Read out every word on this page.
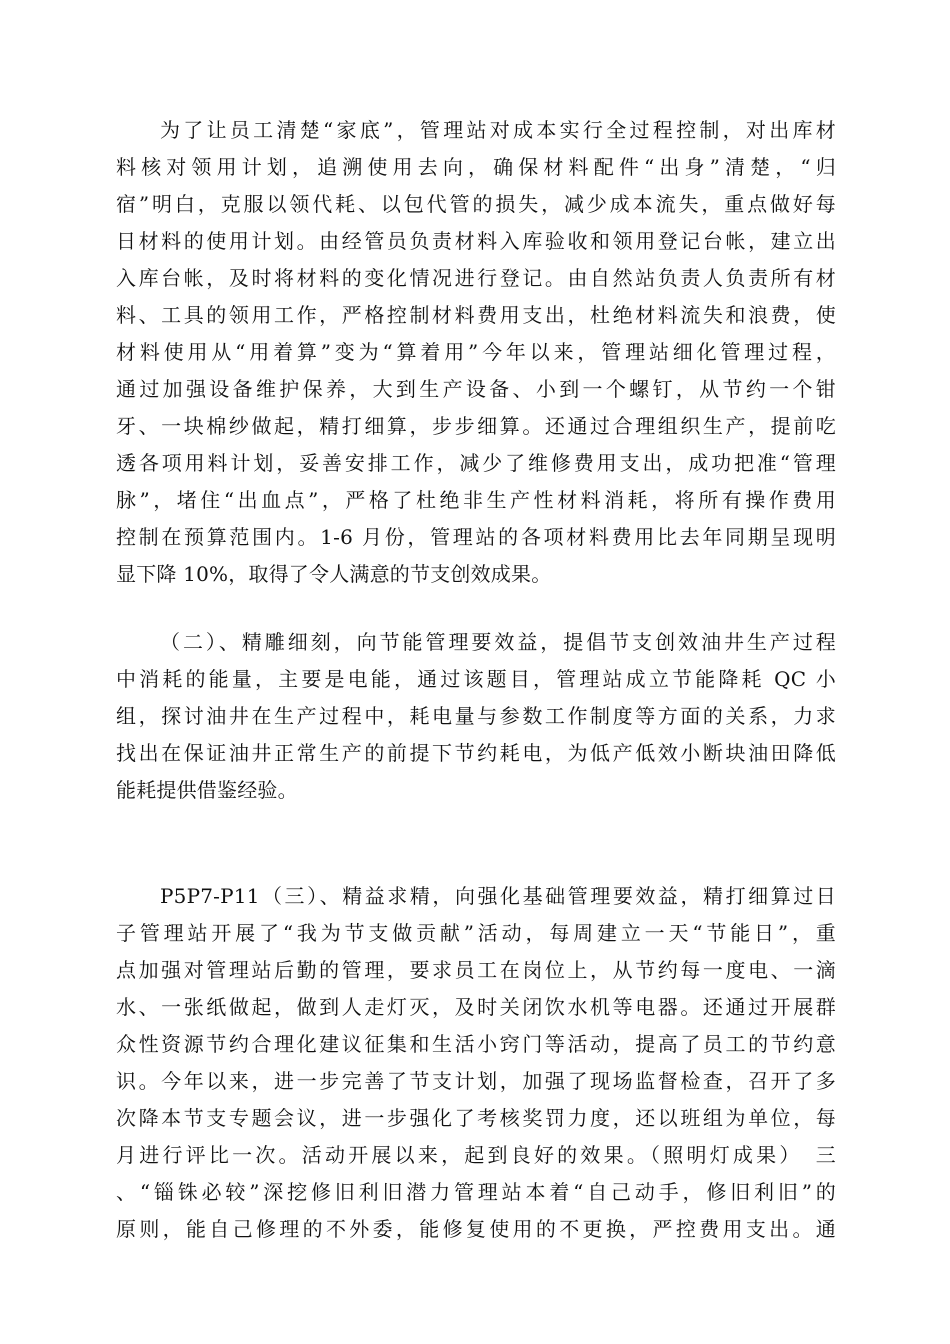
为了让员工清楚“家底”，管理站对成本实行全过程控制，对出库材
料核对领用计划，追溯使用去向，确保材料配件“出身”清楚，“归
宿”明白，克服以领代耗、以包代管的损失，减少成本流失，重点做好每
日材料的使用计划。由经管员负责材料入库验收和领用登记台帐，建立出
入库台帐，及时将材料的变化情况进行登记。由自然站负责人负责所有材
料、工具的领用工作，严格控制材料费用支出，杜绝材料流失和浪费，使
材料使用从“用着算”变为“算着用”今年以来，管理站细化管理过程，
通过加强设备维护保养，大到生产设备、小到一个螺钉，从节约一个钳
牙、一块棉纱做起，精打细算，步步细算。还通过合理组织生产，提前吃
透各项用料计划，妥善安排工作，减少了维修费用支出，成功把准“管理
脉”，堵住“出血点”，严格了杜绝非生产性材料消耗，将所有操作费用
控制在预算范围内。1-6 月份，管理站的各项材料费用比去年同期呈现明
显下降 10%，取得了令人满意的节支创效成果。
（二）、精雕细刻，向节能管理要效益，提倡节支创效油井生产过程
中消耗的能量，主要是电能，通过该题目，管理站成立节能降耗 QC 小
组，探讨油井在生产过程中，耗电量与参数工作制度等方面的关系，力求
找出在保证油井正常生产的前提下节约耗电，为低产低效小断块油田降低
能耗提供借鉴经验。
P5P7-P11（三）、精益求精，向强化基础管理要效益，精打细算过日
子管理站开展了“我为节支做贡献”活动，每周建立一天“节能日”，重
点加强对管理站后勤的管理，要求员工在岗位上，从节约每一度电、一滴
水、一张纸做起，做到人走灯灭，及时关闭饮水机等电器。还通过开展群
众性资源节约合理化建议征集和生活小窍门等活动，提高了员工的节约意
识。今年以来，进一步完善了节支计划，加强了现场监督检查，召开了多
次降本节支专题会议，进一步强化了考核奖罚力度，还以班组为单位，每
月进行评比一次。活动开展以来，起到良好的效果。（照明灯成果）　三
、“锱铢必较”深挖修旧利旧潜力管理站本着“自己动手，修旧利旧”的
原则，能自己修理的不外委，能修复使用的不更换，严控费用支出。通
